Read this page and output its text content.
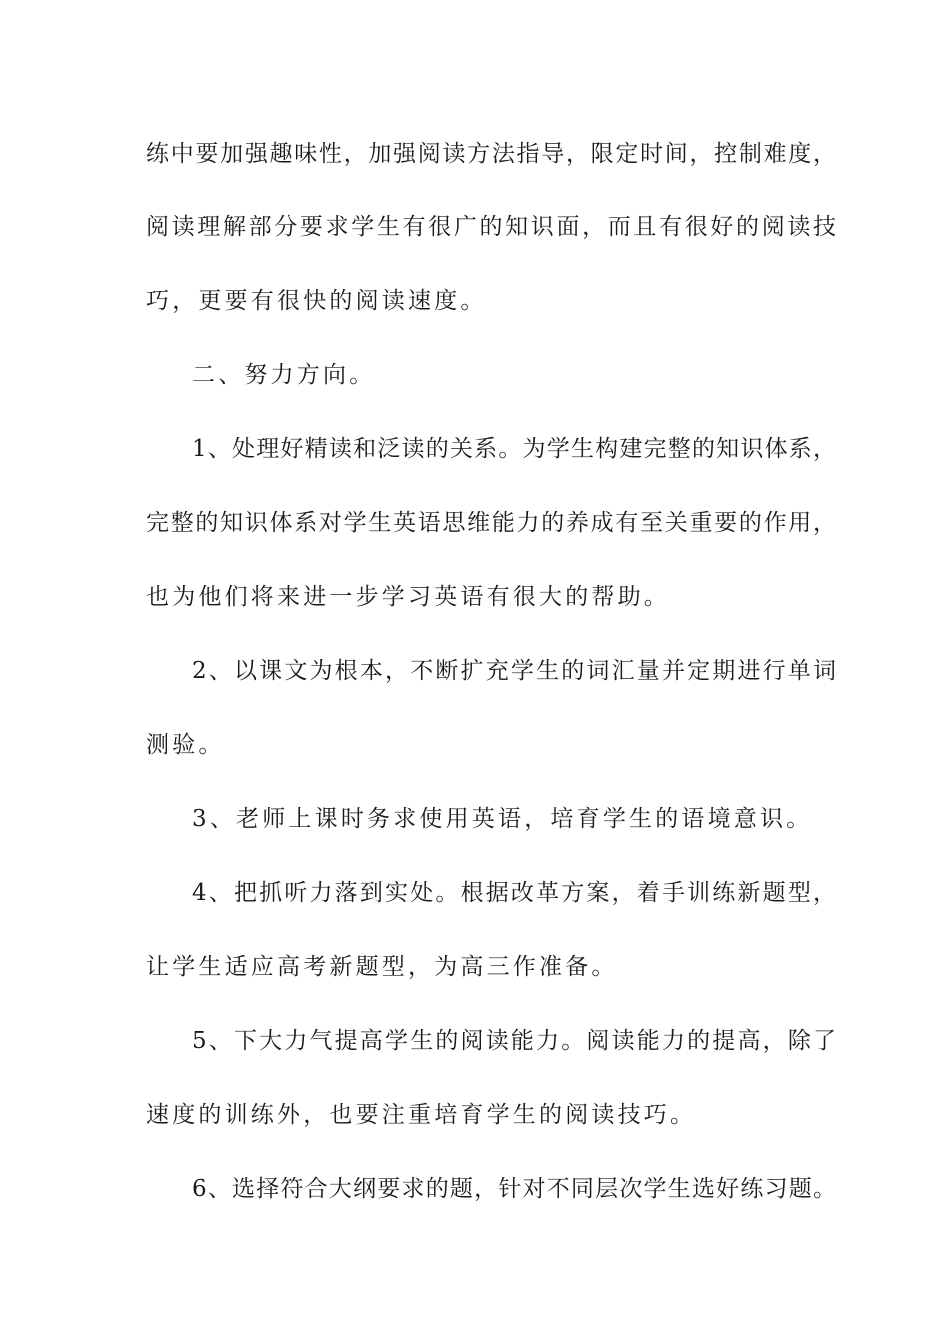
练中要加强趣味性，加强阅读方法指导，限定时间，控制难度，
阅读理解部分要求学生有很广的知识面，而且有很好的阅读技
巧，更要有很快的阅读速度。
二、努力方向。
1、处理好精读和泛读的关系。为学生构建完整的知识体系，
完整的知识体系对学生英语思维能力的养成有至关重要的作用，
也为他们将来进一步学习英语有很大的帮助。
2、以课文为根本，不断扩充学生的词汇量并定期进行单词
测验。
3、老师上课时务求使用英语，培育学生的语境意识。
4、把抓听力落到实处。根据改革方案，着手训练新题型，
让学生适应高考新题型，为高三作准备。
5、下大力气提高学生的阅读能力。阅读能力的提高，除了
速度的训练外，也要注重培育学生的阅读技巧。
6、选择符合大纲要求的题，针对不同层次学生选好练习题。
